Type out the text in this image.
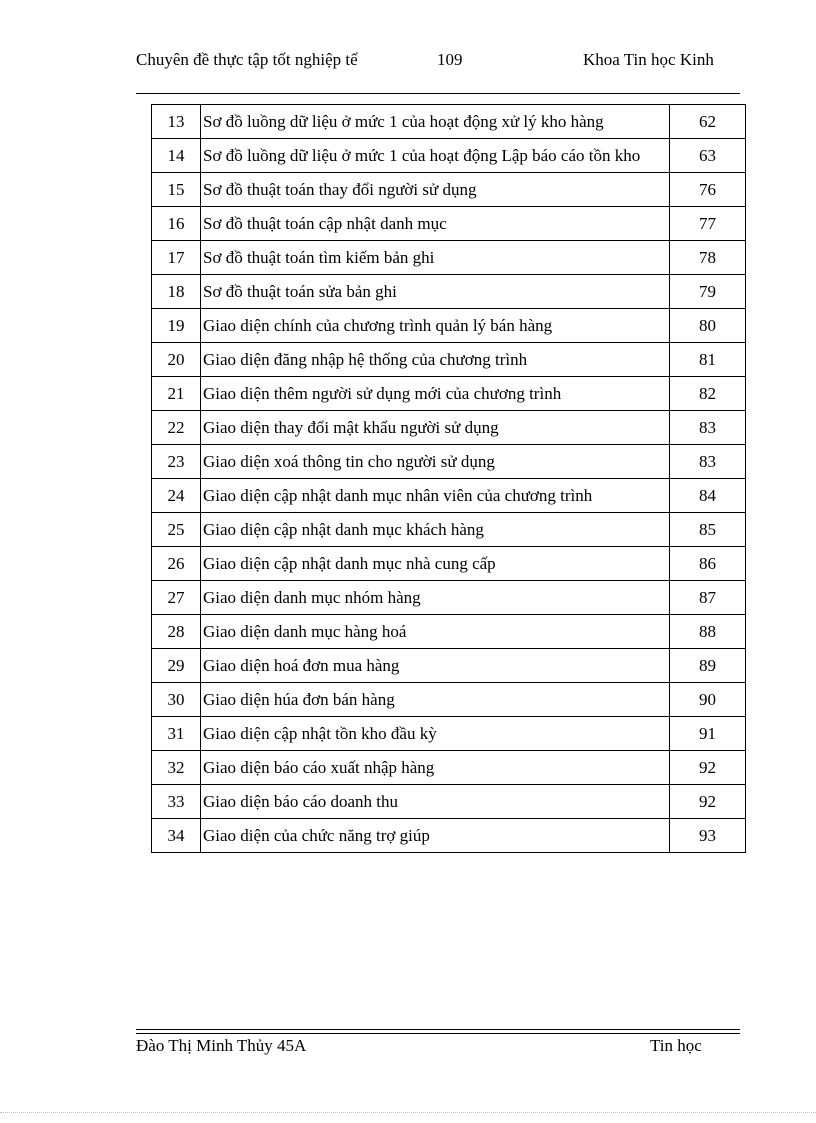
Chuyên đề thực tập tốt nghiệp tế	109	Khoa Tin học Kinh
13	Sơ đồ luồng dữ liệu ở mức 1 của hoạt động xử lý kho hàng	62
14	Sơ đồ luồng dữ liệu ở mức 1 của hoạt động Lập báo cáo tồn kho	63
15	Sơ đồ thuật toán thay đổi người sử dụng	76
16	Sơ đồ thuật toán cập nhật danh mục	77
17	Sơ đồ thuật toán tìm kiếm bản ghi	78
18	Sơ đồ thuật toán sửa bản ghi	79
19	Giao diện chính của chương trình quản lý bán hàng	80
20	Giao diện đăng nhập hệ thống của chương trình	81
21	Giao diện thêm người sử dụng mới của chương trình	82
22	Giao diện thay đổi mật khẩu người sử dụng	83
23	Giao diện xoá thông tin cho người sử dụng	83
24	Giao diện cập nhật danh mục nhân viên của chương trình	84
25	Giao diện cập nhật danh mục khách hàng	85
26	Giao diện cập nhật danh mục nhà cung cấp	86
27	Giao diện danh mục nhóm hàng	87
28	Giao diện danh mục hàng hoá	88
29	Giao diện hoá đơn mua hàng	89
30	Giao diện húa đơn bán hàng	90
31	Giao diện cập nhật tồn kho đầu kỳ	91
32	Giao diện báo cáo xuất nhập hàng	92
33	Giao diện báo cáo doanh thu	92
34	Giao diện của chức năng trợ giúp	93
Đào Thị Minh Thủy 45A	Tin học
